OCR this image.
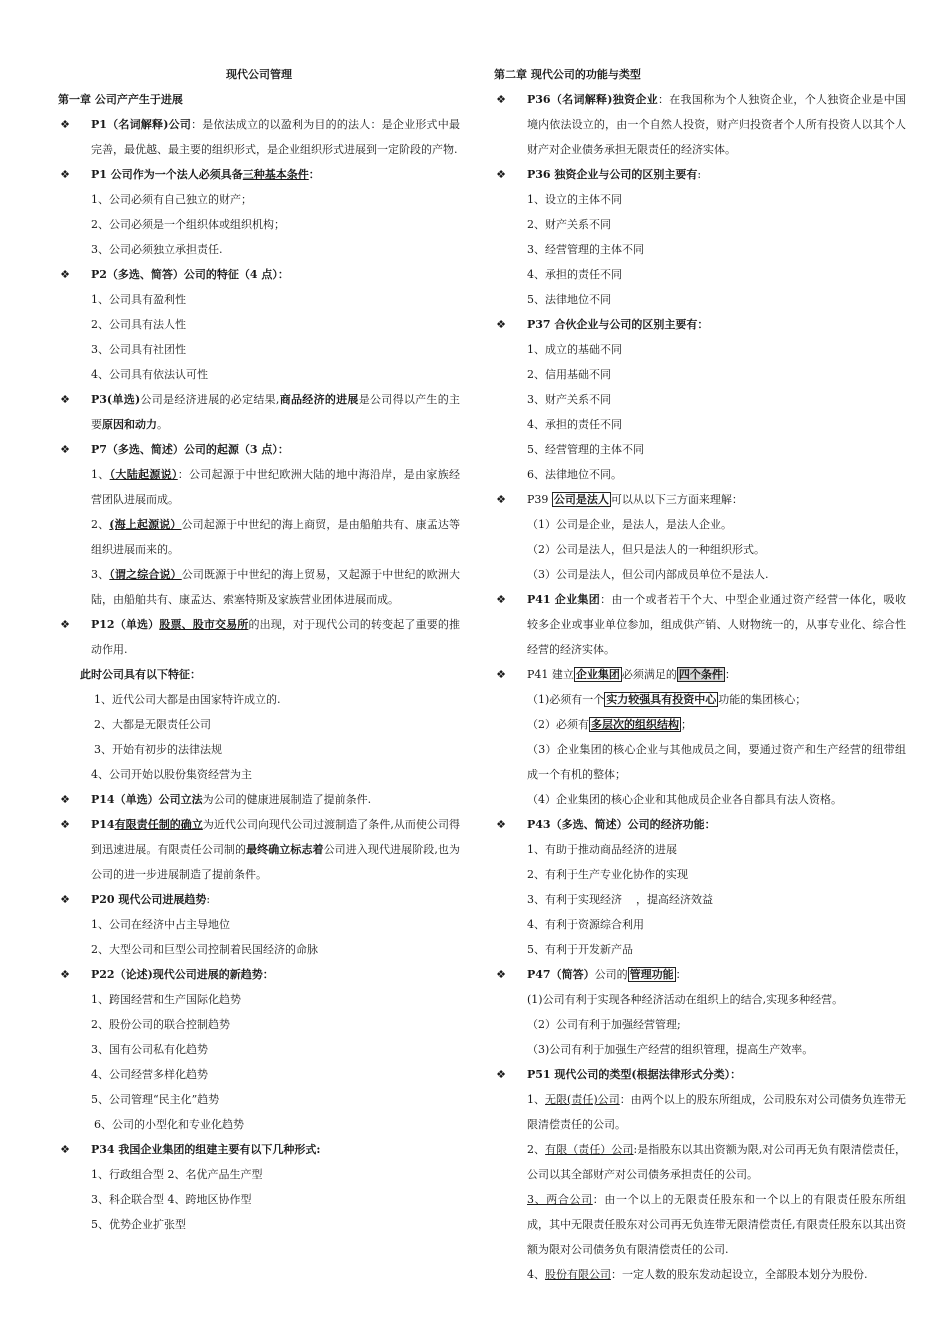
现代公司管理
第一章 公司产产生于进展
❖ P1（名词解释)公司：是依法成立的以盈利为目的的法人：是企业形式中最完善，最优越、最主要的组织形式，是企业组织形式进展到一定阶段的产物.
❖ P1 公司作为一个法人必须具备三种基本条件：
1、公司必须有自己独立的财产；
2、公司必须是一个组织体或组织机构；
3、公司必须独立承担责任.
❖ P2（多选、简答）公司的特征（4 点）：
1、公司具有盈利性
2、公司具有法人性
3、公司具有社团性
4、公司具有依法认可性
❖ P3(单选)公司是经济进展的必定结果,商品经济的进展是公司得以产生的主要原因和动力。
❖ P7（多选、简述）公司的起源（3 点）：
1、（大陆起源说）：公司起源于中世纪欧洲大陆的地中海沿岸，是由家族经营团队进展而成。
2、(海上起源说）公司起源于中世纪的海上商贸，是由船舶共有、康孟达等组织进展而来的。
3、（谓之综合说）公司既源于中世纪的海上贸易，又起源于中世纪的欧洲大陆，由船舶共有、康孟达、索塞特斯及家族营业团体进展而成。
❖ P12（单选）股票、股市交易所的出现，对于现代公司的转变起了重要的推动作用.
此时公司具有以下特征：
1、近代公司大都是由国家特许成立的.
2、大都是无限责任公司
3、开始有初步的法律法规
4、公司开始以股份集资经营为主
❖ P14（单选）公司立法为公司的健康进展制造了提前条件.
❖ P14有限责任制的确立为近代公司向现代公司过渡制造了条件,从而使公司得到迅速进展。有限责任公司制的最终确立标志着公司进入现代进展阶段,也为公司的进一步进展制造了提前条件。
❖ P20 现代公司进展趋势:
1、公司在经济中占主导地位
2、大型公司和巨型公司控制着民国经济的命脉
❖ P22（论述)现代公司进展的新趋势：
1、跨国经营和生产国际化趋势
2、股份公司的联合控制趋势
3、国有公司私有化趋势
4、公司经营多样化趋势
5、公司管理“民主化”趋势
6、公司的小型化和专业化趋势
❖ P34 我国企业集团的组建主要有以下几种形式:
1、行政组合型 2、名优产品生产型
3、科企联合型 4、跨地区协作型
5、优势企业扩张型
第二章 现代公司的功能与类型
❖ P36（名词解释)独资企业：在我国称为个人独资企业，个人独资企业是中国境内依法设立的，由一个自然人投资，财产归投资者个人所有投资人以其个人财产对企业债务承担无限责任的经济实体。
❖ P36 独资企业与公司的区别主要有:
1、设立的主体不同
2、财产关系不同
3、经营管理的主体不同
4、承担的责任不同
5、法律地位不同
❖ P37 合伙企业与公司的区别主要有：
1、成立的基础不同
2、信用基础不同
3、财产关系不同
4、承担的责任不同
5、经营管理的主体不同
6、法律地位不同。
❖ P39 公司是法人 可以从以下三方面来理解：
（1）公司是企业，是法人，是法人企业。
（2）公司是法人，但只是法人的一种组织形式。
（3）公司是法人，但公司内部成员单位不是法人.
❖ P41 企业集团：由一个或者若干个大、中型企业通过资产经营一体化，吸收较多企业或事业单位参加，组成供产销、人财物统一的，从事专业化、综合性经营的经济实体。
❖ P41 建立 企业集团 必须满足的 四个条件 ：
（1)必须有一个 实力较强具有投资中心 功能的集团核心；
（2）必须有 多层次的组织结构 ；
（3）企业集团的核心企业与其他成员之间，要通过资产和生产经营的纽带组成一个有机的整体；
（4）企业集团的核心企业和其他成员企业各自都具有法人资格。
❖ P43（多选、简述）公司的经济功能：
1、有助于推动商品经济的进展
2、有利于生产专业化协作的实现
3、有利于实现经济    ，提高经济效益
4、有利于资源综合利用
5、有利于开发新产品
❖ P47（简答）公司的 管理功能 ：
(1)公司有利于实现各种经济活动在组织上的结合,实现多种经营。
（2）公司有利于加强经营管理;
（3)公司有利于加强生产经营的组织管理，提高生产效率。
❖ P51 现代公司的类型(根据法律形式分类）：
1、无限(责任)公司：由两个以上的股东所组成，公司股东对公司债务负连带无限清偿责任的公司。
2、有限（责任）公司:是指股东以其出资额为限,对公司再无负有限清偿责任，公司以其全部财产对公司债务承担责任的公司。
3、两合公司：由一个以上的无限责任股东和一个以上的有限责任股东所组成，其中无限责任股东对公司再无负连带无限清偿责任,有限责任股东以其出资额为限对公司债务负有限清偿责任的公司.
4、股份有限公司：一定人数的股东发动起设立，全部股本划分为股份.
